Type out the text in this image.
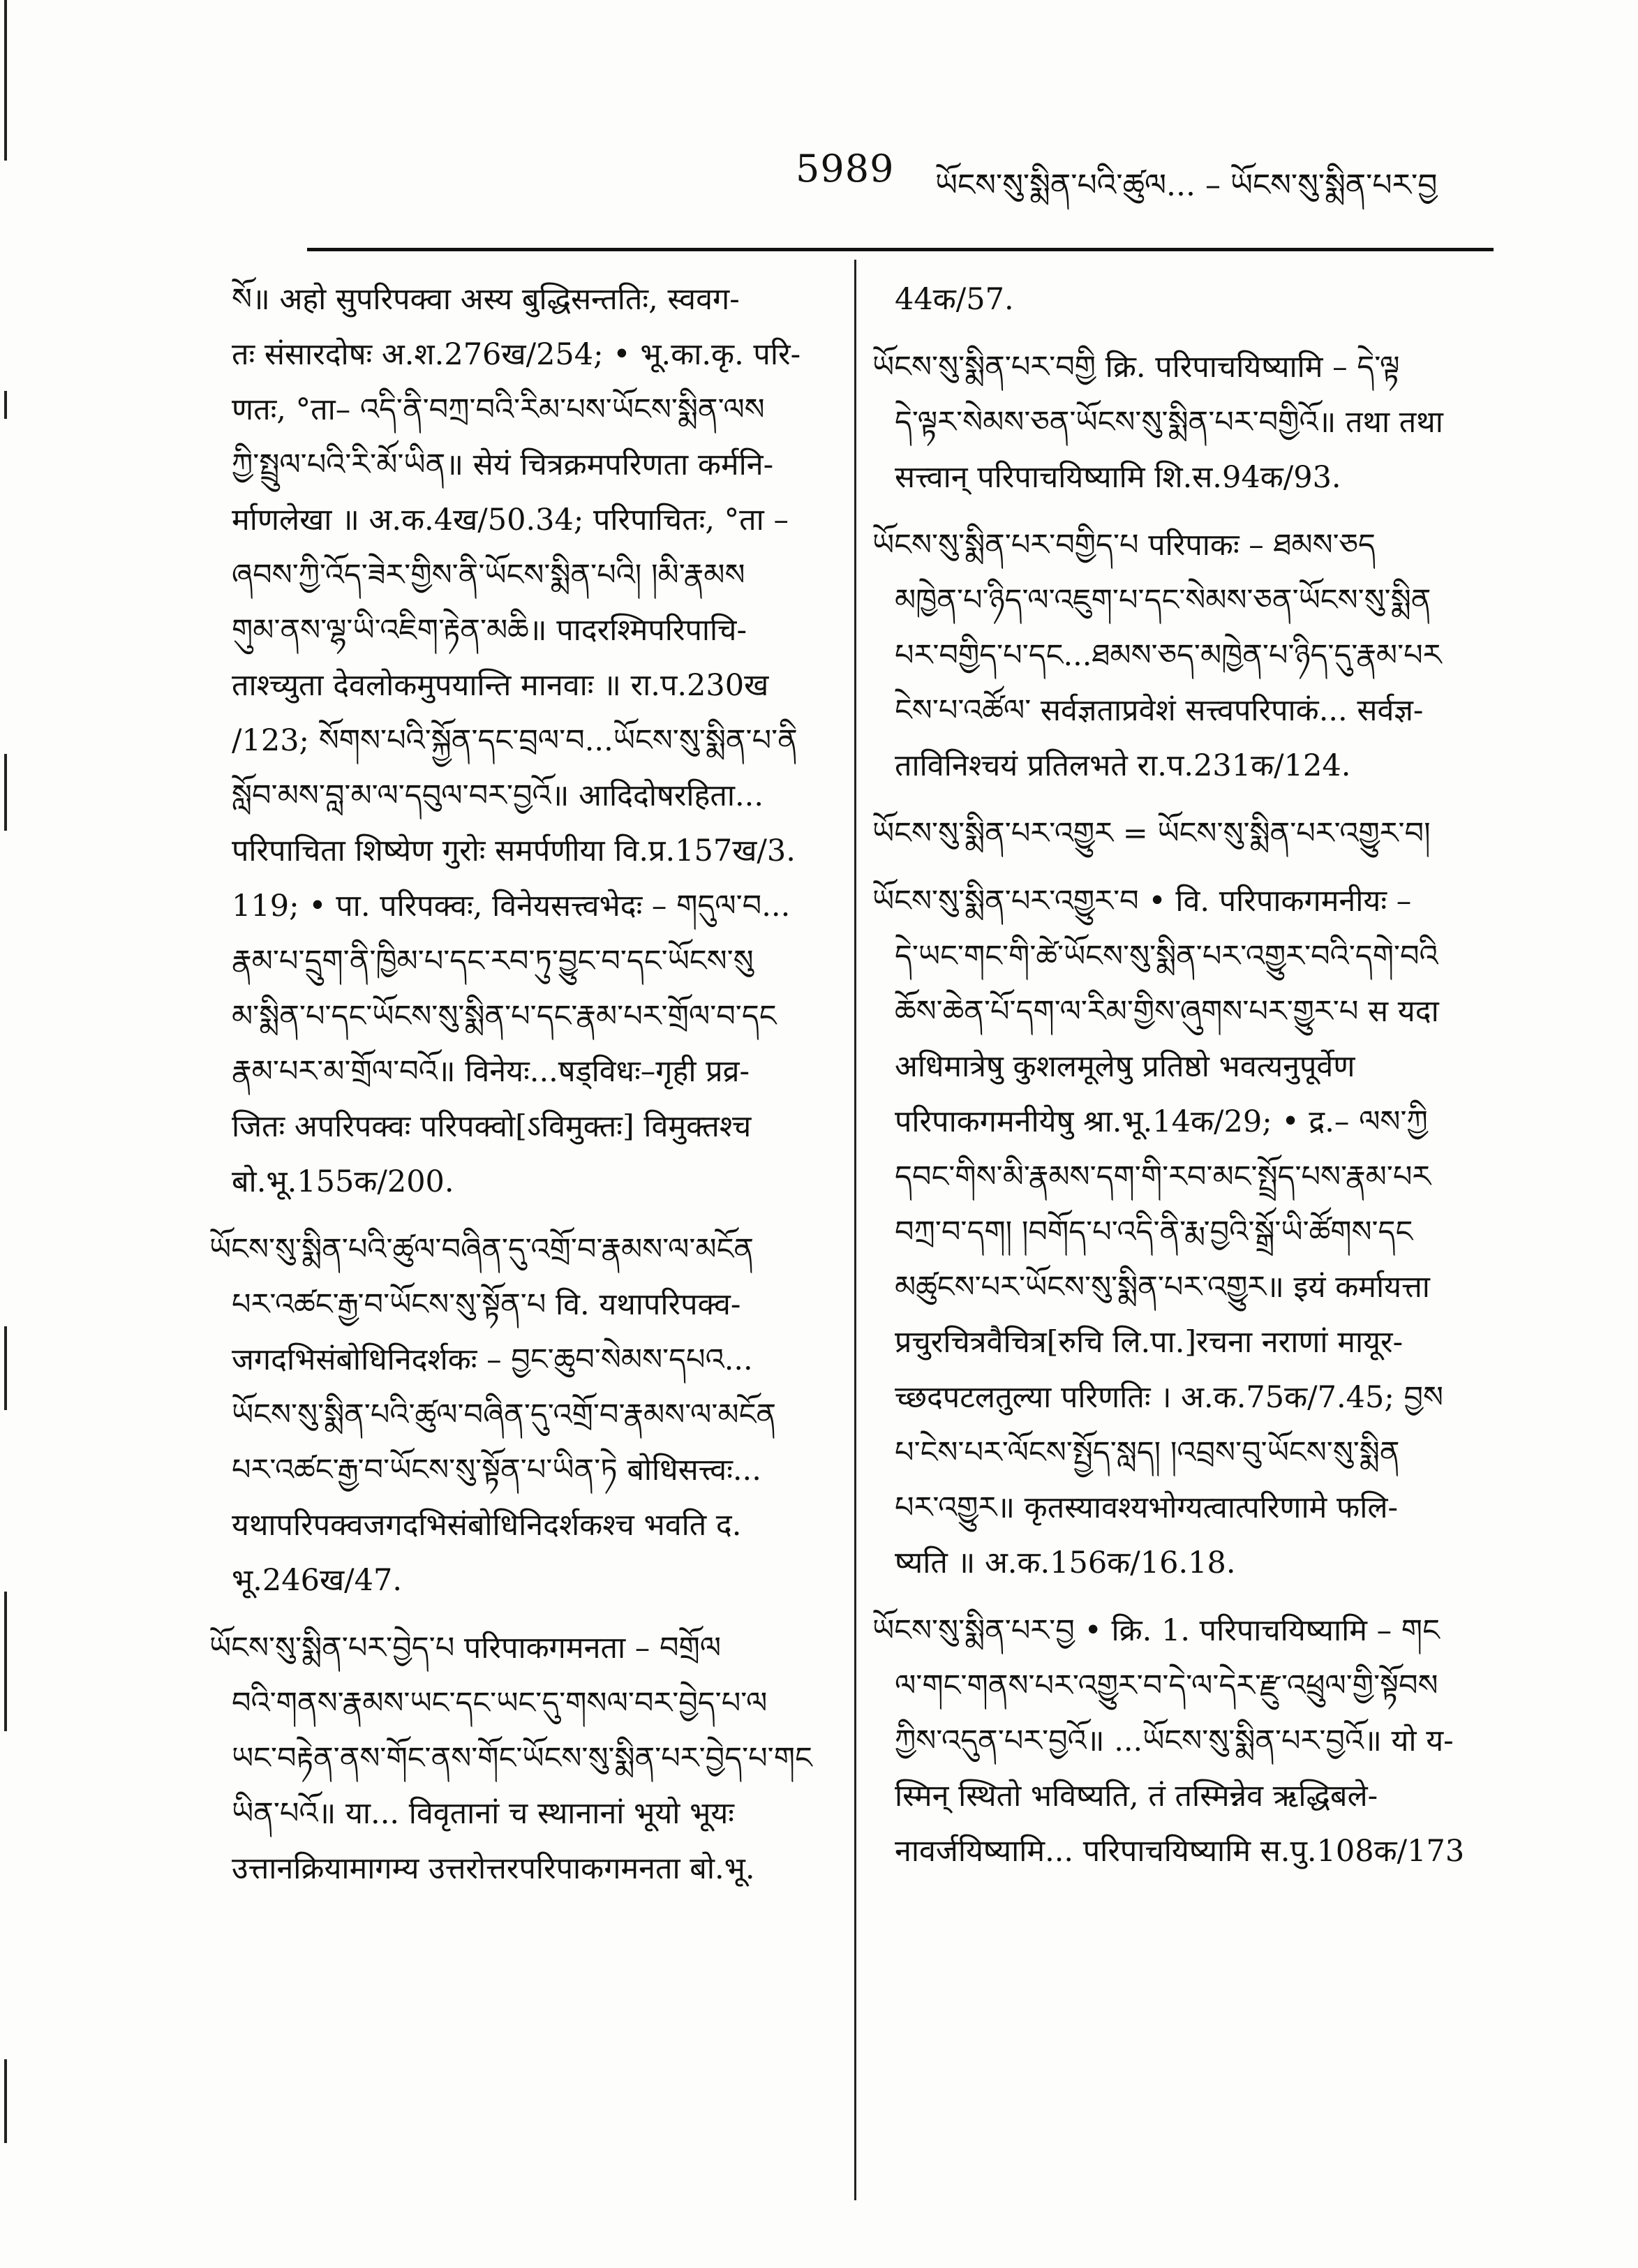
5989 ཡོངས་སུ་སྨིན་པའི་ཚུལ... – ཡོངས་སུ་སྨིན་པར་བྱ
སོ॥ अहो सुपरिपक्वा अस्य बुद्धिसन्ततिः, स्ववग-
तः संसारदोषः अ.श.276ख/254; • भू.का.कृ. परि-
णतः, °ता– འདི་ནི་བཀྲ་བའི་རིམ་པས་ཡོངས་སྨིན་ལས
ཀྱི་སྤྲུལ་པའི་རི་མོ་ཡིན॥ सेयं चित्रक्रमपरिणता कर्मनि-
र्माणलेखा ॥ अ.क.4ख/50.34; परिपाचितः, °ता –
ཞབས་ཀྱི་འོད་ཟེར་གྱིས་ནི་ཡོངས་སྨིན་པའི། །མི་རྣམས
གུམ་ནས་ལྷ་ཡི་འཇིག་རྟེན་མཆི॥ पादरश्मिपरिपाचि-
ताश्च्युता देवलोकमुपयान्ति मानवाः ॥ रा.प.230ख
/123; སོགས་པའི་སྐྱོན་དང་བྲལ་བ...ཡོངས་སུ་སྨིན་པ་ནི
སློབ་མས་བླ་མ་ལ་དབུལ་བར་བྱའོ॥ आदिदोषरहिता...
परिपाचिता शिष्येण गुरोः समर्पणीया वि.प्र.157ख/3.
119; • पा. परिपक्वः, विनेयसत्त्वभेदः – གདུལ་བ...
རྣམ་པ་དྲུག་ནི་ཁྱིམ་པ་དང་རབ་ཏུ་བྱུང་བ་དང་ཡོངས་སུ
མ་སྨིན་པ་དང་ཡོངས་སུ་སྨིན་པ་དང་རྣམ་པར་གྲོལ་བ་དང
རྣམ་པར་མ་གྲོལ་བའོ॥ विनेयः...षड्विधः–गृही प्रव्र-
जितः अपरिपक्वः परिपक्वो[ऽविमुक्तः] विमुक्तश्च
बो.भू.155क/200.
ཡོངས་སུ་སྨིན་པའི་ཚུལ་བཞིན་དུ་འགྲོ་བ་རྣམས་ལ་མངོན
པར་འཚང་རྒྱ་བ་ཡོངས་སུ་སྟོན་པ वि. यथापरिपक्व-
जगदभिसंबोधिनिदर्शकः – བྱང་ཆུབ་སེམས་དཔའ...
ཡོངས་སུ་སྨིན་པའི་ཚུལ་བཞིན་དུ་འགྲོ་བ་རྣམས་ལ་མངོན
པར་འཚང་རྒྱ་བ་ཡོངས་སུ་སྟོན་པ་ཡིན་ཏེ बोधिसत्त्वः...
यथापरिपक्वजगदभिसंबोधिनिदर्शकश्च भवति द.
भू.246ख/47.
ཡོངས་སུ་སྨིན་པར་བྱེད་པ परिपाकगमनता – བགྲོལ
བའི་གནས་རྣམས་ཡང་དང་ཡང་དུ་གསལ་བར་བྱེད་པ་ལ
ཡང་བརྟེན་ནས་གོང་ནས་གོང་ཡོངས་སུ་སྨིན་པར་བྱེད་པ་གང
ཡིན་པའོ॥ या... विवृतानां च स्थानानां भूयो भूयः
उत्तानक्रियामागम्य उत्तरोत्तरपरिपाकगमनता बो.भू.
44क/57.
ཡོངས་སུ་སྨིན་པར་བགྱི क्रि. परिपाचयिष्यामि – དེ་ལྟ
དེ་ལྟར་སེམས་ཅན་ཡོངས་སུ་སྨིན་པར་བགྱིའོ॥ तथा तथा
सत्त्वान् परिपाचयिष्यामि शि.स.94क/93.
ཡོངས་སུ་སྨིན་པར་བགྱིད་པ परिपाकः – ཐམས་ཅད
མཁྱེན་པ་ཉིད་ལ་འཇུག་པ་དང་སེམས་ཅན་ཡོངས་སུ་སྨིན
པར་བགྱིད་པ་དང...ཐམས་ཅད་མཁྱེན་པ་ཉིད་དུ་རྣམ་པར
ངེས་པ་འཚོལ་ सर्वज्ञताप्रवेशं सत्त्वपरिपाकं... सर्वज्ञ-
ताविनिश्चयं प्रतिलभते रा.प.231क/124.
ཡོངས་སུ་སྨིན་པར་འགྱུར = ཡོངས་སུ་སྨིན་པར་འགྱུར་བ།
ཡོངས་སུ་སྨིན་པར་འགྱུར་བ • वि. परिपाकगमनीयः –
དེ་ཡང་གང་གི་ཚེ་ཡོངས་སུ་སྨིན་པར་འགྱུར་བའི་དགེ་བའི
ཆོས་ཆེན་པོ་དག་ལ་རིམ་གྱིས་ཞུགས་པར་གྱུར་པ स यदा
अधिमात्रेषु कुशलमूलेषु प्रतिष्ठो भवत्यनुपूर्वेण
परिपाकगमनीयेषु श्रा.भू.14क/29; • द्र.– ལས་ཀྱི
དབང་གིས་མི་རྣམས་དག་གི་རབ་མང་སྤྲོད་པས་རྣམ་པར
བཀྲ་བ་དག། །བགོད་པ་འདི་ནི་རྨ་བྱའི་སྒྲོ་ཡི་ཚོགས་དང
མཚུངས་པར་ཡོངས་སུ་སྨིན་པར་འགྱུར॥ इयं कर्मायत्ता
प्रचुरचित्रवैचित्र[रुचि लि.पा.]रचना नराणां मायूर-
च्छदपटलतुल्या परिणतिः । अ.क.75क/7.45; བྱས
པ་ངེས་པར་ལོངས་སྤྱོད་སླད། །འབྲས་བུ་ཡོངས་སུ་སྨིན
པར་འགྱུར॥ कृतस्यावश्यभोग्यत्वात्परिणामे फलि-
ष्यति ॥ अ.क.156क/16.18.
ཡོངས་སུ་སྨིན་པར་བྱ • क्रि. 1. परिपाचयिष्यामि – གང
ལ་གང་གནས་པར་འགྱུར་བ་དེ་ལ་དེར་རྫུ་འཕྲུལ་གྱི་སྟོབས
ཀྱིས་འདུན་པར་བྱའོ॥ ...ཡོངས་སུ་སྨིན་པར་བྱའོ॥ यो य-
स्मिन् स्थितो भविष्यति, तं तस्मिन्नेव ऋद्धिबले-
नावर्जयिष्यामि... परिपाचयिष्यामि स.पु.108क/173
